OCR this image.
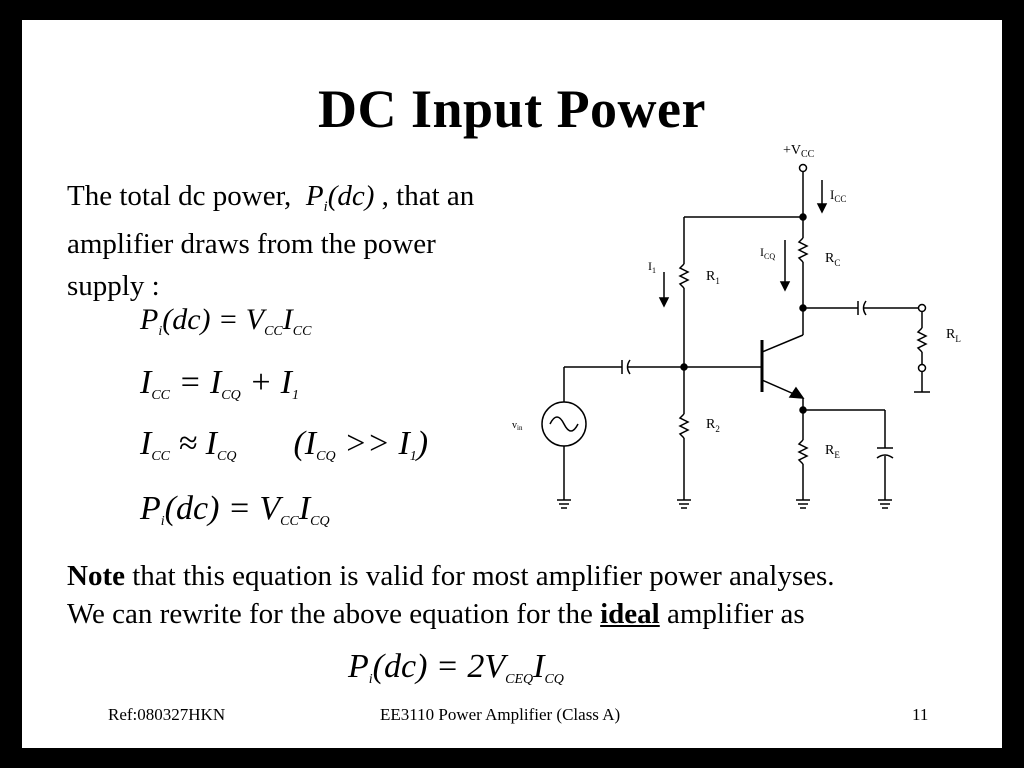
DC Input Power
The total dc power, $P_i(dc)$ , that an
amplifier draws from the power
supply :
$P_i(dc) = V_{CC}I_{CC}$
$I_{CC} = I_{CQ} + I_1$
$I_{CC} \approx I_{CQ}$ $(I_{CQ} >> I_1)$
$P_i(dc) = V_{CC}I_{CQ}$
Note that this equation is valid for most amplifier power analyses.
We can rewrite for the above equation for the ideal amplifier as
$P_i(dc) = 2V_{CEQ}I_{CQ}$
Ref:080327HKN	EE3110 Power Amplifier (Class A)	11
$+V_{CC}$
$I_{CC}$
$I_{CQ}$
$I_1$	$R_1$
$R_C$
$R_L$
$R_2$
$R_E$
$v_{in}$
